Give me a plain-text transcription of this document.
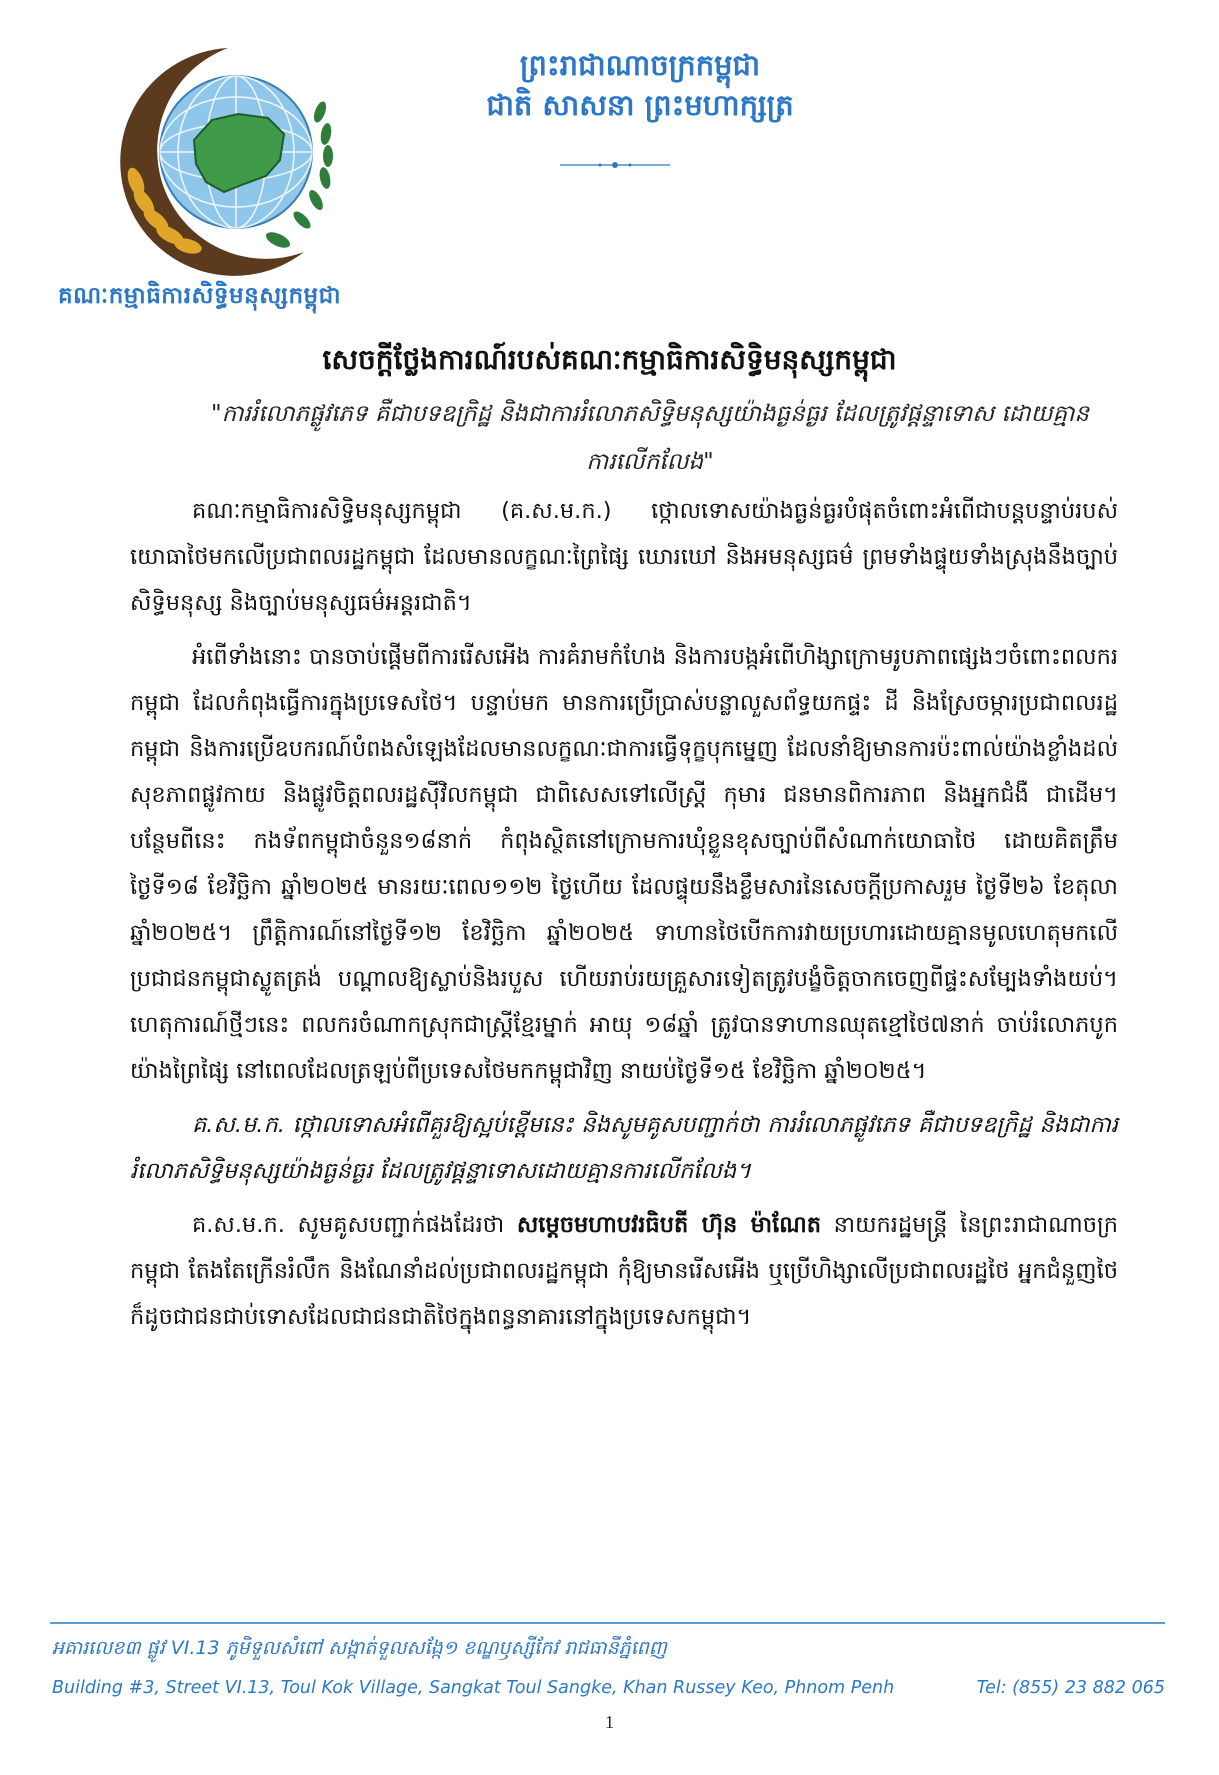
គណៈកម្មាធិការសិទ្ធិមនុស្សកម្ពុជា
ព្រះរាជាណាចក្រកម្ពុជា
ជាតិ សាសនា ព្រះមហាក្សត្រ
សេចក្តីថ្លែងការណ៍របស់គណៈកម្មាធិការសិទ្ធិមនុស្សកម្ពុជា
"ការរំលោភផ្លូវភេទ គឺជាបទឧក្រិដ្ឋ និងជាការរំលោភសិទ្ធិមនុស្សយ៉ាងធ្ងន់ធ្ងរ ដែលត្រូវផ្តន្ទាទោស ដោយគ្មានការលើកលែង"

គណៈកម្មាធិការសិទ្ធិមនុស្សកម្ពុជា (គ.ស.ម.ក.) ថ្កោលទោសយ៉ាងធ្ងន់ធ្ងរបំផុតចំពោះអំពើជាបន្តបន្ទាប់របស់យោធាថៃមកលើប្រជាពលរដ្ឋកម្ពុជា ដែលមានលក្ខណៈព្រៃផ្សៃ ឃោរឃៅ និងអមនុស្សធម៌ ព្រមទាំងផ្ទុយទាំងស្រុងនឹងច្បាប់សិទ្ធិមនុស្ស និងច្បាប់មនុស្សធម៌អន្តរជាតិ។

អំពើទាំងនោះ បានចាប់ផ្តើមពីការរើសអើង ការគំរាមកំហែង និងការបង្កអំពើហិង្សាក្រោមរូបភាពផ្សេងៗចំពោះពលករកម្ពុជា ដែលកំពុងធ្វើការក្នុងប្រទេសថៃ។ បន្ទាប់មក មានការប្រើប្រាស់បន្លាលួសព័ទ្ធយកផ្ទះ ដី និងស្រែចម្ការប្រជាពលរដ្ឋកម្ពុជា និងការប្រើឧបករណ៍បំពងសំឡេងដែលមានលក្ខណៈជាការធ្វើទុក្ខបុកម្នេញ ដែលនាំឱ្យមានការប៉ះពាល់យ៉ាងខ្លាំងដល់សុខភាពផ្លូវកាយ និងផ្លូវចិត្តពលរដ្ឋស៊ីវិលកម្ពុជា ជាពិសេសទៅលើស្ត្រី កុមារ ជនមានពិការភាព និងអ្នកជំងឺ ជាដើម។ បន្ថែមពីនេះ កងទ័ពកម្ពុជាចំនួន១៨នាក់ កំពុងស្ថិតនៅក្រោមការឃុំខ្លួនខុសច្បាប់ពីសំណាក់យោធាថៃ ដោយគិតត្រឹមថ្ងៃទី១៨ ខែវិច្ឆិកា ឆ្នាំ២០២៥ មានរយៈពេល១១២ ថ្ងៃហើយ ដែលផ្ទុយនឹងខ្លឹមសារនៃសេចក្តីប្រកាសរួម ថ្ងៃទី២៦ ខែតុលា ឆ្នាំ២០២៥។ ព្រឹត្តិការណ៍នៅថ្ងៃទី១២ ខែវិច្ឆិកា ឆ្នាំ២០២៥ ទាហានថៃបើកការវាយប្រហារដោយគ្មានមូលហេតុមកលើប្រជាជនកម្ពុជាស្លូតត្រង់ បណ្តាលឱ្យស្លាប់និងរបួស ហើយរាប់រយគ្រួសារទៀតត្រូវបង្ខំចិត្តចាកចេញពីផ្ទះសម្បែងទាំងយប់។ ហេតុការណ៍ថ្មីៗនេះ ពលករចំណាកស្រុកជាស្ត្រីខ្មែរម្នាក់ អាយុ ១៨ឆ្នាំ ត្រូវបានទាហានឈុតខ្មៅថៃ៧នាក់ ចាប់រំលោភបូកយ៉ាងព្រៃផ្សៃ នៅពេលដែលត្រឡប់ពីប្រទេសថៃមកកម្ពុជាវិញ នាយប់ថ្ងៃទី១៥ ខែវិច្ឆិកា ឆ្នាំ២០២៥។

គ.ស.ម.ក. ថ្កោលទោសអំពើគួរឱ្យស្អប់ខ្ពើមនេះ និងសូមគូសបញ្ជាក់ថា ការរំលោភផ្លូវភេទ គឺជាបទឧក្រិដ្ឋ និងជាការរំលោភសិទ្ធិមនុស្សយ៉ាងធ្ងន់ធ្ងរ ដែលត្រូវផ្តន្ទាទោសដោយគ្មានការលើកលែង។

គ.ស.ម.ក. សូមគូសបញ្ជាក់ផងដែរថា សម្តេចមហាបវរធិបតី ហ៊ុន ម៉ាណែត នាយករដ្ឋមន្ត្រី នៃព្រះរាជាណាចក្រកម្ពុជា តែងតែក្រើនរំលឹក និងណែនាំដល់ប្រជាពលរដ្ឋកម្ពុជា កុំឱ្យមានរើសអើង ឬប្រើហិង្សាលើប្រជាពលរដ្ឋថៃ អ្នកជំនួញថៃ ក៏ដូចជាជនជាប់ទោសដែលជាជនជាតិថៃក្នុងពន្ធនាគារនៅក្នុងប្រទេសកម្ពុជា។

អគារលេខ៣ ផ្លូវ VI.13 ភូមិទួលសំពៅ សង្កាត់ទួលសង្កែ១ ខណ្ឌឫស្សីកែវ រាជធានីភ្នំពេញ
Building #3, Street VI.13, Toul Kok Village, Sangkat Toul Sangke, Khan Russey Keo, Phnom Penh	Tel: (855) 23 882 065
1
